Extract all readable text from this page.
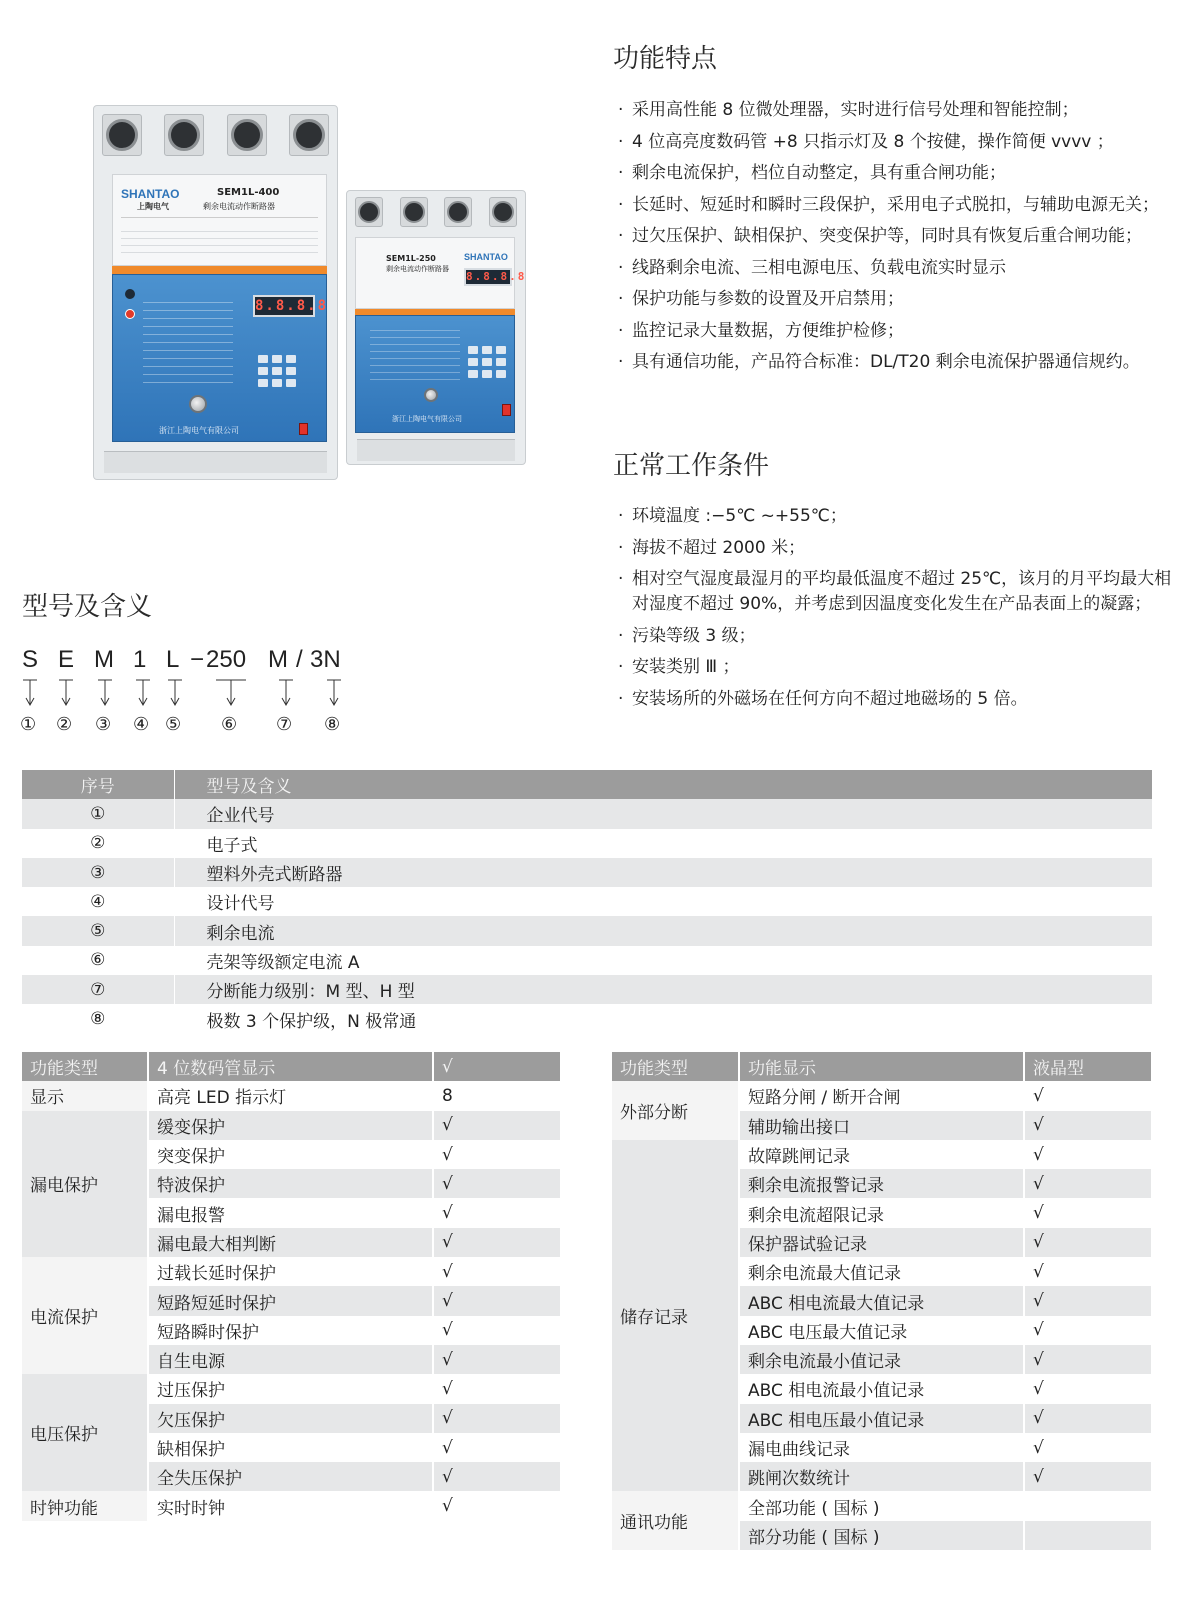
SHANTAO
上陶电气
SEM1L-400
剩余电流动作断路器
8.8.8.8
浙江上陶电气有限公司
SEM1L-250
剩余电流动作断路器
SHANTAO
8.8.8.8
浙江上陶电气有限公司
功能特点
· 采用高性能 8 位微处理器，实时进行信号处理和智能控制；
· 4 位高亮度数码管 +8 只指示灯及 8 个按健，操作简便 vvvv ；
· 剩余电流保护，档位自动整定，具有重合闸功能；
· 长延时、短延时和瞬时三段保护，采用电子式脱扣，与辅助电源无关；
· 过欠压保护、缺相保护、突变保护等，同时具有恢复后重合闸功能；
· 线路剩余电流、三相电源电压、负载电流实时显示
· 保护功能与参数的设置及开启禁用；
· 监控记录大量数据，方便维护检修；
· 具有通信功能，产品符合标准：DL/T20 剩余电流保护器通信规约。
正常工作条件
· 环境温度 :−5℃ ~+55℃；
· 海拔不超过 2000 米；
· 相对空气湿度最湿月的平均最低温度不超过 25℃，该月的月平均最大相对湿度不超过 90%，并考虑到因温度变化发生在产品表面上的凝露；
· 污染等级 3 级；
· 安装类别 Ⅲ ；
· 安装场所的外磁场在任何方向不超过地磁场的 5 倍。
型号及含义
S E M 1 L − 250 M / 3N
① ② ③ ④ ⑤ ⑥ ⑦ ⑧
序号	型号及含义
①	企业代号
②	电子式
③	塑料外壳式断路器
④	设计代号
⑤	剩余电流
⑥	壳架等级额定电流 A
⑦	分断能力级别：M 型、H 型
⑧	极数 3 个保护级，N 极常通
功能类型	4 位数码管显示	√
显示	高亮 LED 指示灯	8
漏电保护	缓变保护	√
	突变保护	√
	特波保护	√
	漏电报警	√
	漏电最大相判断	√
电流保护	过载长延时保护	√
	短路短延时保护	√
	短路瞬时保护	√
	自生电源	√
电压保护	过压保护	√
	欠压保护	√
	缺相保护	√
	全失压保护	√
时钟功能	实时时钟	√
功能类型	功能显示	液晶型
外部分断	短路分闸 / 断开合闸	√
	辅助输出接口	√
储存记录	故障跳闸记录	√
	剩余电流报警记录	√
	剩余电流超限记录	√
	保护器试验记录	√
	剩余电流最大值记录	√
	ABC 相电流最大值记录	√
	ABC 电压最大值记录	√
	剩余电流最小值记录	√
	ABC 相电流最小值记录	√
	ABC 相电压最小值记录	√
	漏电曲线记录	√
	跳闸次数统计	√
通讯功能	全部功能 ( 国标 )	
	部分功能 ( 国标 )	
